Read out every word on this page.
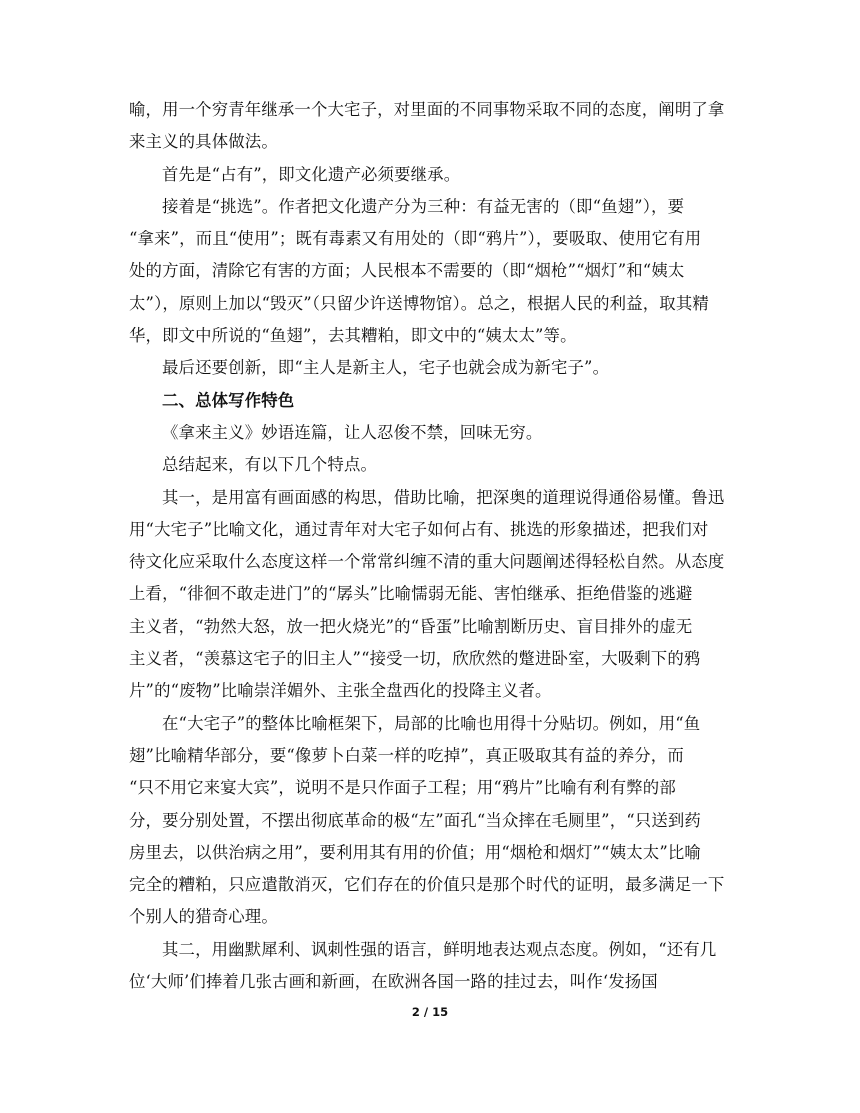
喻，用一个穷青年继承一个大宅子，对里面的不同事物采取不同的态度，阐明了拿
来主义的具体做法。
首先是“占有”，即文化遗产必须要继承。
接着是“挑选”。作者把文化遗产分为三种：有益无害的（即“鱼翅”），要
“拿来”，而且“使用”；既有毒素又有用处的（即“鸦片”），要吸取、使用它有用
处的方面，清除它有害的方面；人民根本不需要的（即“烟枪”“烟灯”和“姨太
太”），原则上加以“毁灭”（只留少许送博物馆）。总之，根据人民的利益，取其精
华，即文中所说的“鱼翅”，去其糟粕，即文中的“姨太太”等。
最后还要创新，即“主人是新主人，宅子也就会成为新宅子”。
二、总体写作特色
《拿来主义》妙语连篇，让人忍俊不禁，回味无穷。
总结起来，有以下几个特点。
其一，是用富有画面感的构思，借助比喻，把深奥的道理说得通俗易懂。鲁迅
用“大宅子”比喻文化，通过青年对大宅子如何占有、挑选的形象描述，把我们对
待文化应采取什么态度这样一个常常纠缠不清的重大问题阐述得轻松自然。从态度
上看，“徘徊不敢走进门”的“孱头”比喻懦弱无能、害怕继承、拒绝借鉴的逃避
主义者，“勃然大怒，放一把火烧光”的“昏蛋”比喻割断历史、盲目排外的虚无
主义者，“羡慕这宅子的旧主人”“接受一切，欣欣然的蹩进卧室，大吸剩下的鸦
片”的“废物”比喻崇洋媚外、主张全盘西化的投降主义者。
在“大宅子”的整体比喻框架下，局部的比喻也用得十分贴切。例如，用“鱼
翅”比喻精华部分，要“像萝卜白菜一样的吃掉”，真正吸取其有益的养分，而
“只不用它来宴大宾”，说明不是只作面子工程；用“鸦片”比喻有利有弊的部
分，要分别处置，不摆出彻底革命的极“左”面孔“当众摔在毛厕里”，“只送到药
房里去，以供治病之用”，要利用其有用的价值；用“烟枪和烟灯”“姨太太”比喻
完全的糟粕，只应遣散消灭，它们存在的价值只是那个时代的证明，最多满足一下
个别人的猎奇心理。
其二，用幽默犀利、讽刺性强的语言，鲜明地表达观点态度。例如，“还有几
位‘大师’们捧着几张古画和新画，在欧洲各国一路的挂过去，叫作‘发扬国
2 / 15
